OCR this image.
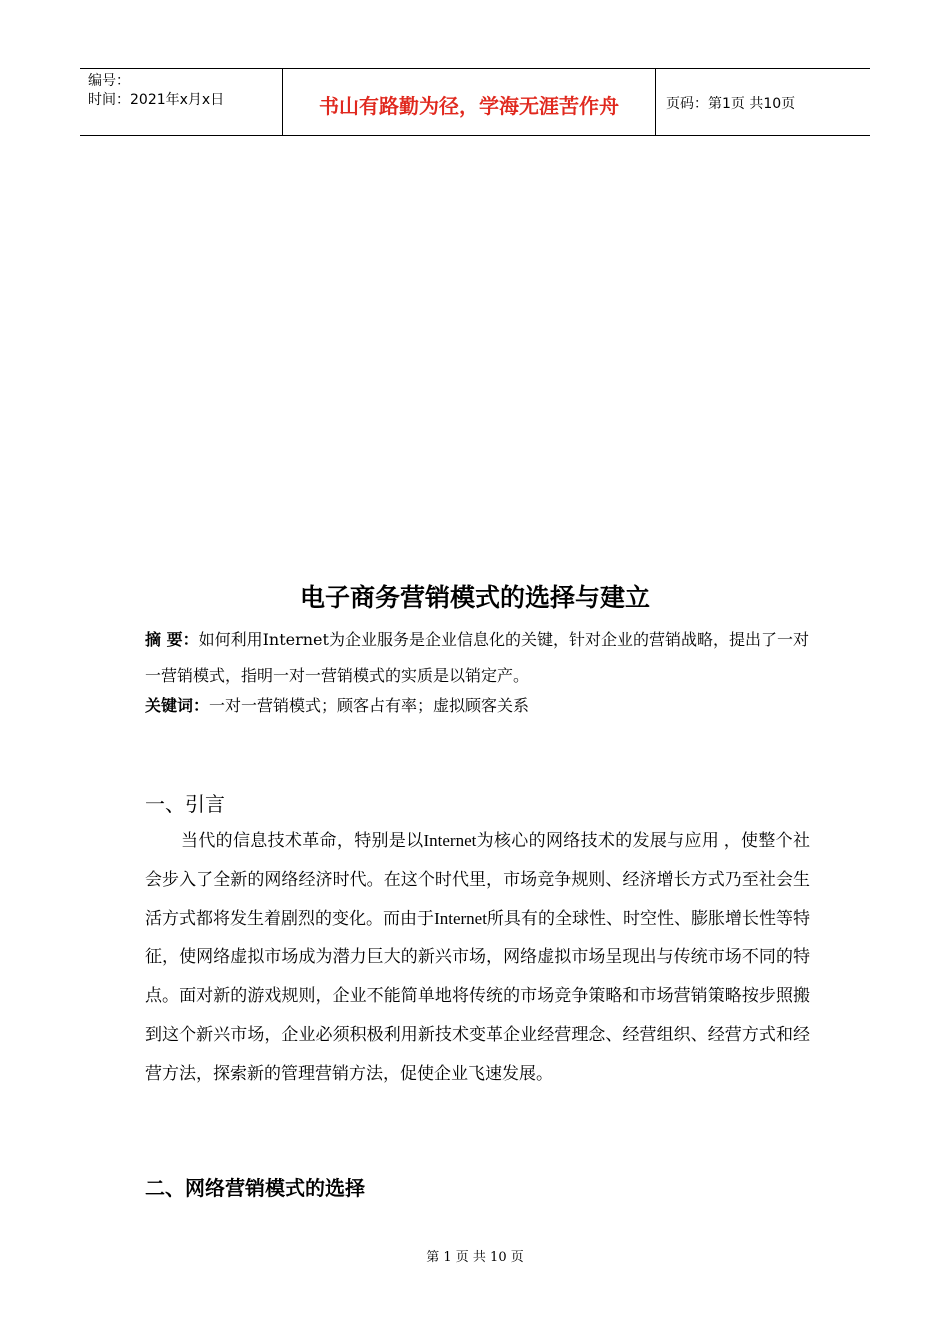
编号：
时间：2021年x月x日	书山有路勤为径，学海无涯苦作舟	页码：第1页 共10页
电子商务营销模式的选择与建立
摘 要：如何利用Internet为企业服务是企业信息化的关键，针对企业的营销战略，提出了一对一营销模式，指明一对一营销模式的实质是以销定产。
关键词：一对一营销模式；顾客占有率；虚拟顾客关系
一、引言

当代的信息技术革命，特别是以Internet为核心的网络技术的发展与应用 ，使整个社会步入了全新的网络经济时代。在这个时代里，市场竞争规则、经济增长方式乃至社会生活方式都将发生着剧烈的变化。而由于Internet所具有的全球性、时空性、膨胀增长性等特征，使网络虚拟市场成为潜力巨大的新兴市场，网络虚拟市场呈现出与传统市场不同的特点。面对新的游戏规则，企业不能简单地将传统的市场竞争策略和市场营销策略按步照搬到这个新兴市场，企业必须积极利用新技术变革企业经营理念、经营组织、经营方式和经营方法，探索新的管理营销方法，促使企业飞速发展。

二、网络营销模式的选择
第 1 页 共 10 页
